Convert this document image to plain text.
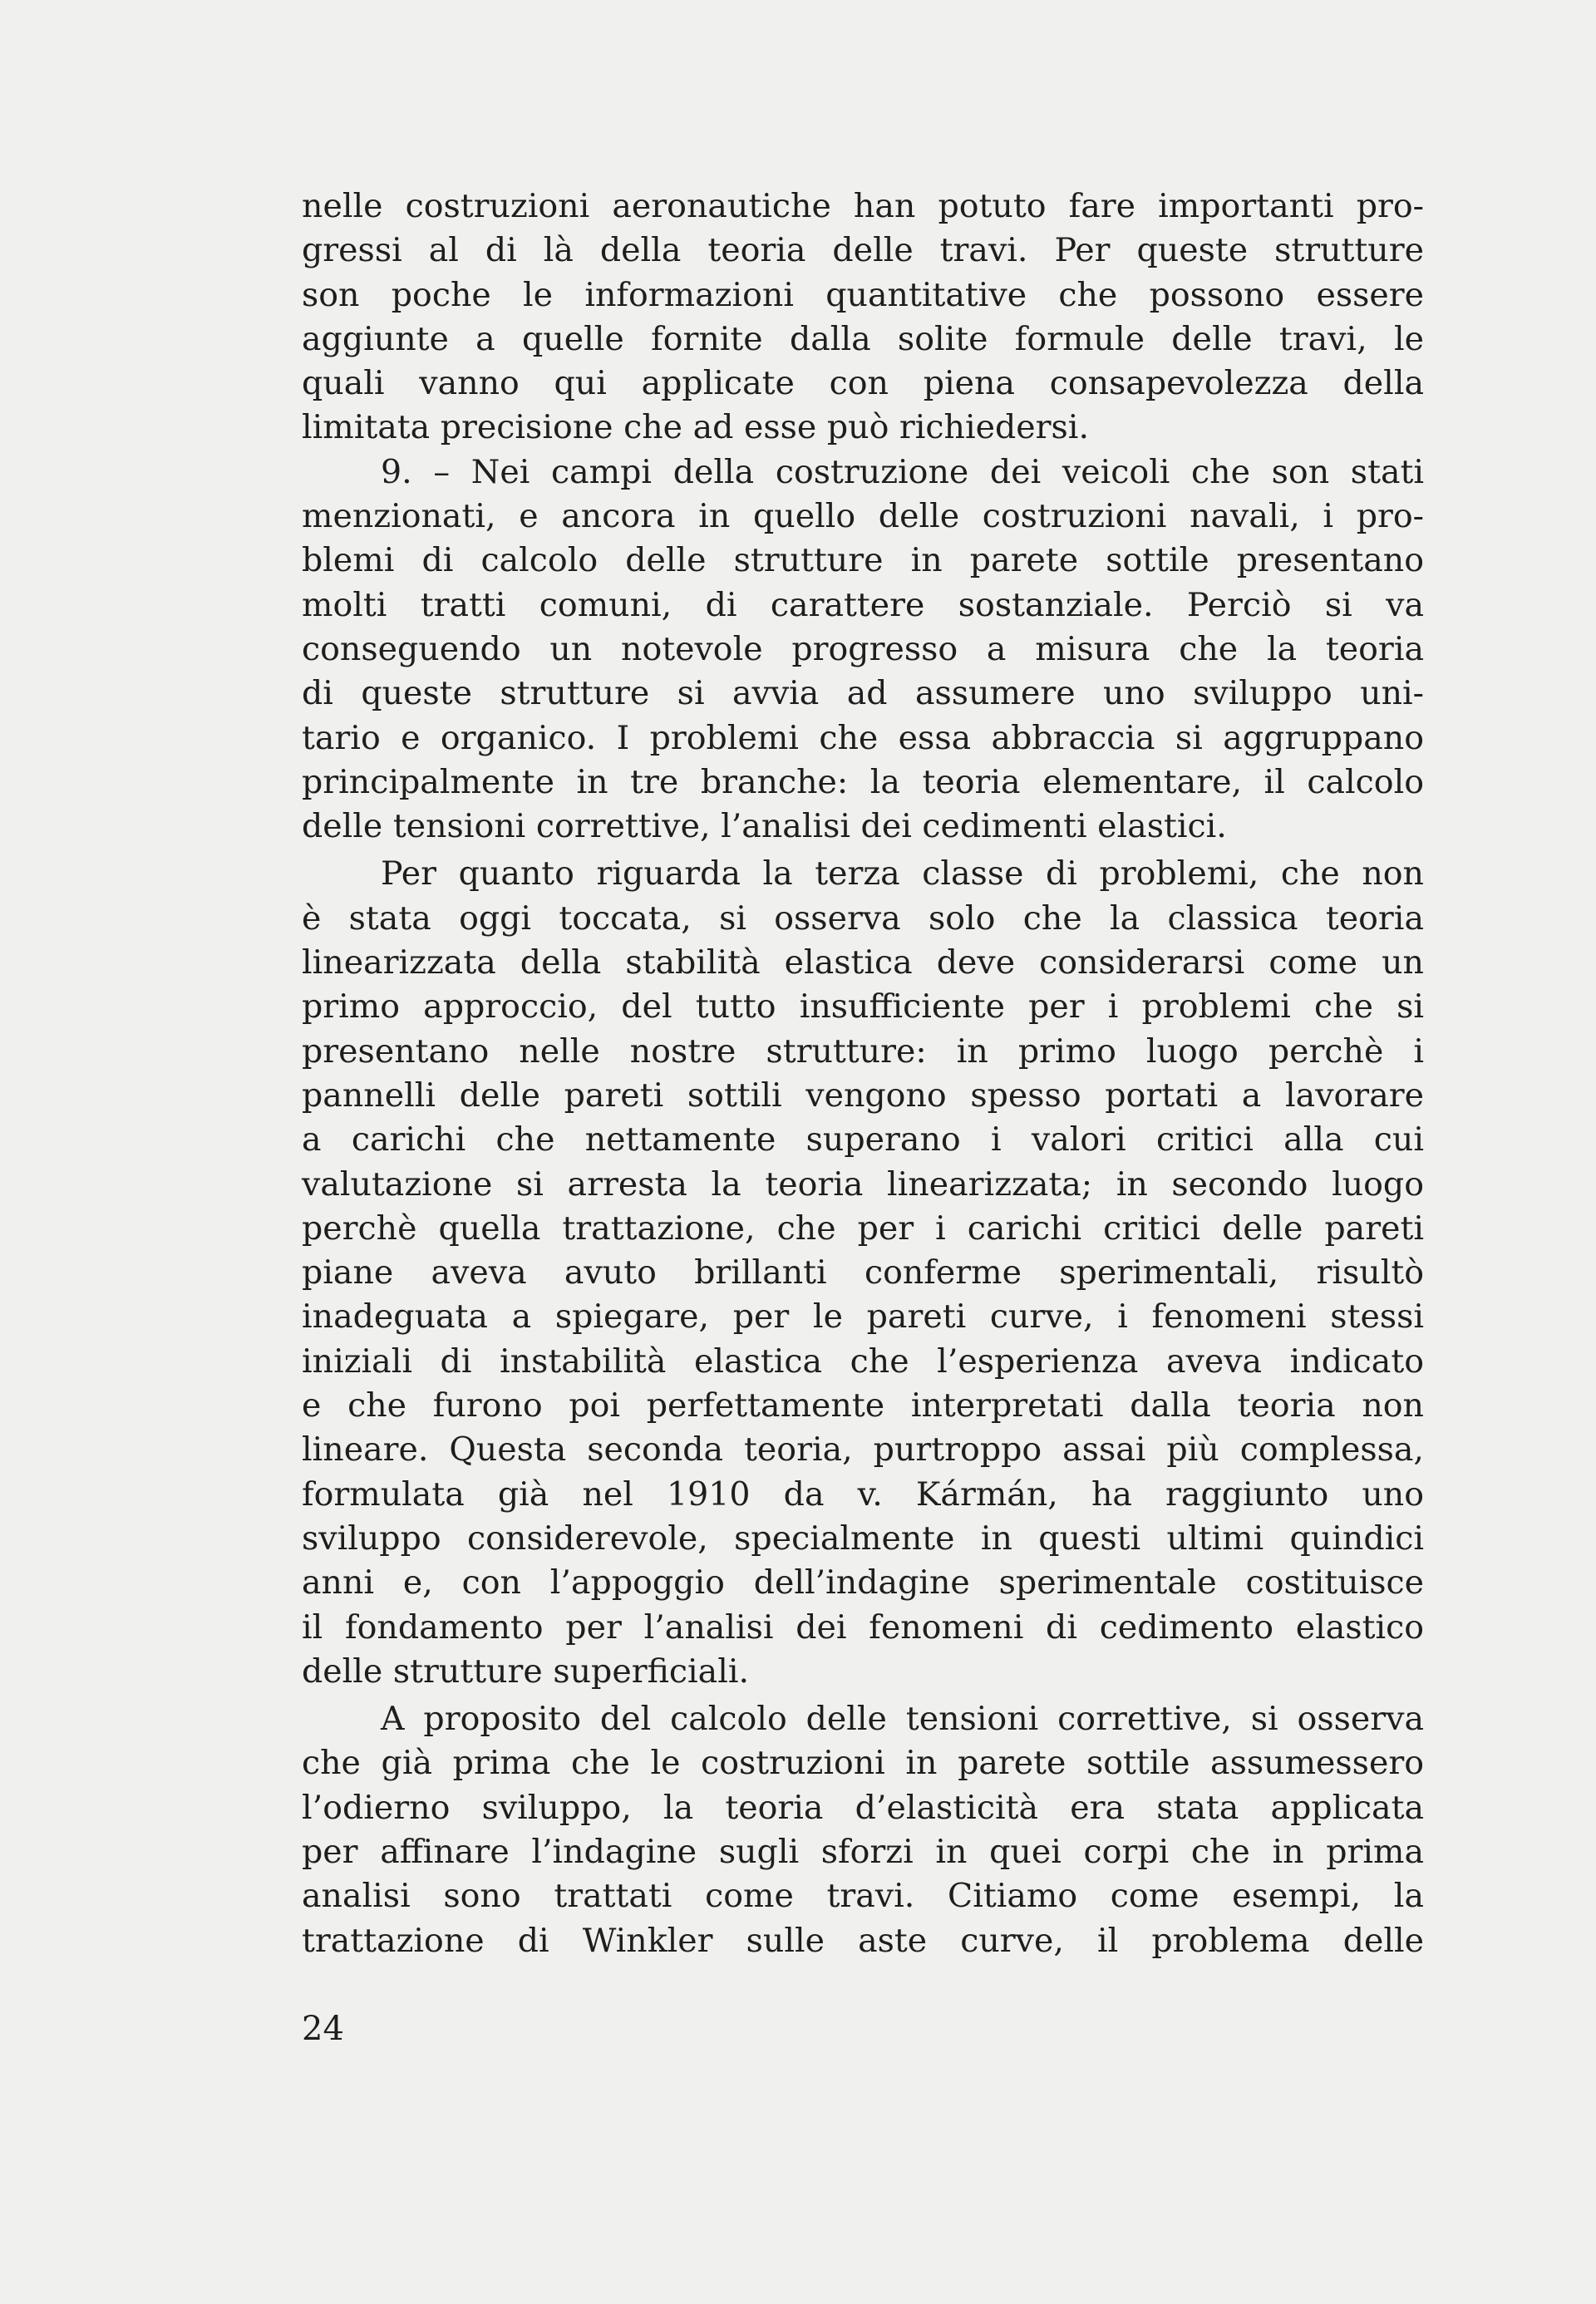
nelle costruzioni aeronautiche han potuto fare importanti pro-
gressi al di là della teoria delle travi. Per queste strutture
son poche le informazioni quantitative che possono essere
aggiunte a quelle fornite dalla solite formule delle travi, le
quali vanno qui applicate con piena consapevolezza della
limitata precisione che ad esse può richiedersi.
9. – Nei campi della costruzione dei veicoli che son stati
menzionati, e ancora in quello delle costruzioni navali, i pro-
blemi di calcolo delle strutture in parete sottile presentano
molti tratti comuni, di carattere sostanziale. Perciò si va
conseguendo un notevole progresso a misura che la teoria
di queste strutture si avvia ad assumere uno sviluppo uni-
tario e organico. I problemi che essa abbraccia si aggruppano
principalmente in tre branche: la teoria elementare, il calcolo
delle tensioni correttive, l’analisi dei cedimenti elastici.
Per quanto riguarda la terza classe di problemi, che non
è stata oggi toccata, si osserva solo che la classica teoria
linearizzata della stabilità elastica deve considerarsi come un
primo approccio, del tutto insufficiente per i problemi che si
presentano nelle nostre strutture: in primo luogo perchè i
pannelli delle pareti sottili vengono spesso portati a lavorare
a carichi che nettamente superano i valori critici alla cui
valutazione si arresta la teoria linearizzata; in secondo luogo
perchè quella trattazione, che per i carichi critici delle pareti
piane aveva avuto brillanti conferme sperimentali, risultò
inadeguata a spiegare, per le pareti curve, i fenomeni stessi
iniziali di instabilità elastica che l’esperienza aveva indicato
e che furono poi perfettamente interpretati dalla teoria non
lineare. Questa seconda teoria, purtroppo assai più complessa,
formulata già nel 1910 da v. Kármán, ha raggiunto uno
sviluppo considerevole, specialmente in questi ultimi quindici
anni e, con l’appoggio dell’indagine sperimentale costituisce
il fondamento per l’analisi dei fenomeni di cedimento elastico
delle strutture superficiali.
A proposito del calcolo delle tensioni correttive, si osserva
che già prima che le costruzioni in parete sottile assumessero
l’odierno sviluppo, la teoria d’elasticità era stata applicata
per affinare l’indagine sugli sforzi in quei corpi che in prima
analisi sono trattati come travi. Citiamo come esempi, la
trattazione di Winkler sulle aste curve, il problema delle
24
